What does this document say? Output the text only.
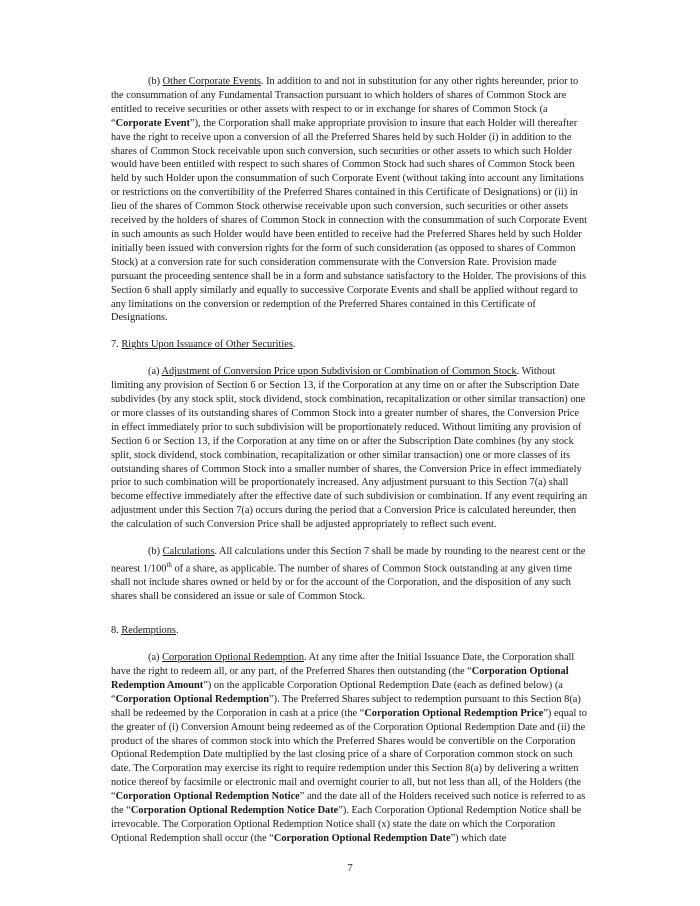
(b) Other Corporate Events. In addition to and not in substitution for any other rights hereunder, prior to the consummation of any Fundamental Transaction pursuant to which holders of shares of Common Stock are entitled to receive securities or other assets with respect to or in exchange for shares of Common Stock (a “Corporate Event”), the Corporation shall make appropriate provision to insure that each Holder will thereafter have the right to receive upon a conversion of all the Preferred Shares held by such Holder (i) in addition to the shares of Common Stock receivable upon such conversion, such securities or other assets to which such Holder would have been entitled with respect to such shares of Common Stock had such shares of Common Stock been held by such Holder upon the consummation of such Corporate Event (without taking into account any limitations or restrictions on the convertibility of the Preferred Shares contained in this Certificate of Designations) or (ii) in lieu of the shares of Common Stock otherwise receivable upon such conversion, such securities or other assets received by the holders of shares of Common Stock in connection with the consummation of such Corporate Event in such amounts as such Holder would have been entitled to receive had the Preferred Shares held by such Holder initially been issued with conversion rights for the form of such consideration (as opposed to shares of Common Stock) at a conversion rate for such consideration commensurate with the Conversion Rate. Provision made pursuant the proceeding sentence shall be in a form and substance satisfactory to the Holder. The provisions of this Section 6 shall apply similarly and equally to successive Corporate Events and shall be applied without regard to any limitations on the conversion or redemption of the Preferred Shares contained in this Certificate of Designations.

7. Rights Upon Issuance of Other Securities.

(a) Adjustment of Conversion Price upon Subdivision or Combination of Common Stock. Without limiting any provision of Section 6 or Section 13, if the Corporation at any time on or after the Subscription Date subdivides (by any stock split, stock dividend, stock combination, recapitalization or other similar transaction) one or more classes of its outstanding shares of Common Stock into a greater number of shares, the Conversion Price in effect immediately prior to such subdivision will be proportionately reduced. Without limiting any provision of Section 6 or Section 13, if the Corporation at any time on or after the Subscription Date combines (by any stock split, stock dividend, stock combination, recapitalization or other similar transaction) one or more classes of its outstanding shares of Common Stock into a smaller number of shares, the Conversion Price in effect immediately prior to such combination will be proportionately increased. Any adjustment pursuant to this Section 7(a) shall become effective immediately after the effective date of such subdivision or combination. If any event requiring an adjustment under this Section 7(a) occurs during the period that a Conversion Price is calculated hereunder, then the calculation of such Conversion Price shall be adjusted appropriately to reflect such event.

(b) Calculations. All calculations under this Section 7 shall be made by rounding to the nearest cent or the nearest 1/100th of a share, as applicable. The number of shares of Common Stock outstanding at any given time shall not include shares owned or held by or for the account of the Corporation, and the disposition of any such shares shall be considered an issue or sale of Common Stock.

8. Redemptions.

(a) Corporation Optional Redemption. At any time after the Initial Issuance Date, the Corporation shall have the right to redeem all, or any part, of the Preferred Shares then outstanding (the “Corporation Optional Redemption Amount”) on the applicable Corporation Optional Redemption Date (each as defined below) (a “Corporation Optional Redemption”). The Preferred Shares subject to redemption pursuant to this Section 8(a) shall be redeemed by the Corporation in cash at a price (the “Corporation Optional Redemption Price”) equal to the greater of (i) Conversion Amount being redeemed as of the Corporation Optional Redemption Date and (ii) the product of the shares of common stock into which the Preferred Shares would be convertible on the Corporation Optional Redemption Date multiplied by the last closing price of a share of Corporation common stock on such date. The Corporation may exercise its right to require redemption under this Section 8(a) by delivering a written notice thereof by facsimile or electronic mail and overnight courier to all, but not less than all, of the Holders (the “Corporation Optional Redemption Notice” and the date all of the Holders received such notice is referred to as the “Corporation Optional Redemption Notice Date”). Each Corporation Optional Redemption Notice shall be irrevocable. The Corporation Optional Redemption Notice shall (x) state the date on which the Corporation Optional Redemption shall occur (the “Corporation Optional Redemption Date”) which date

7
